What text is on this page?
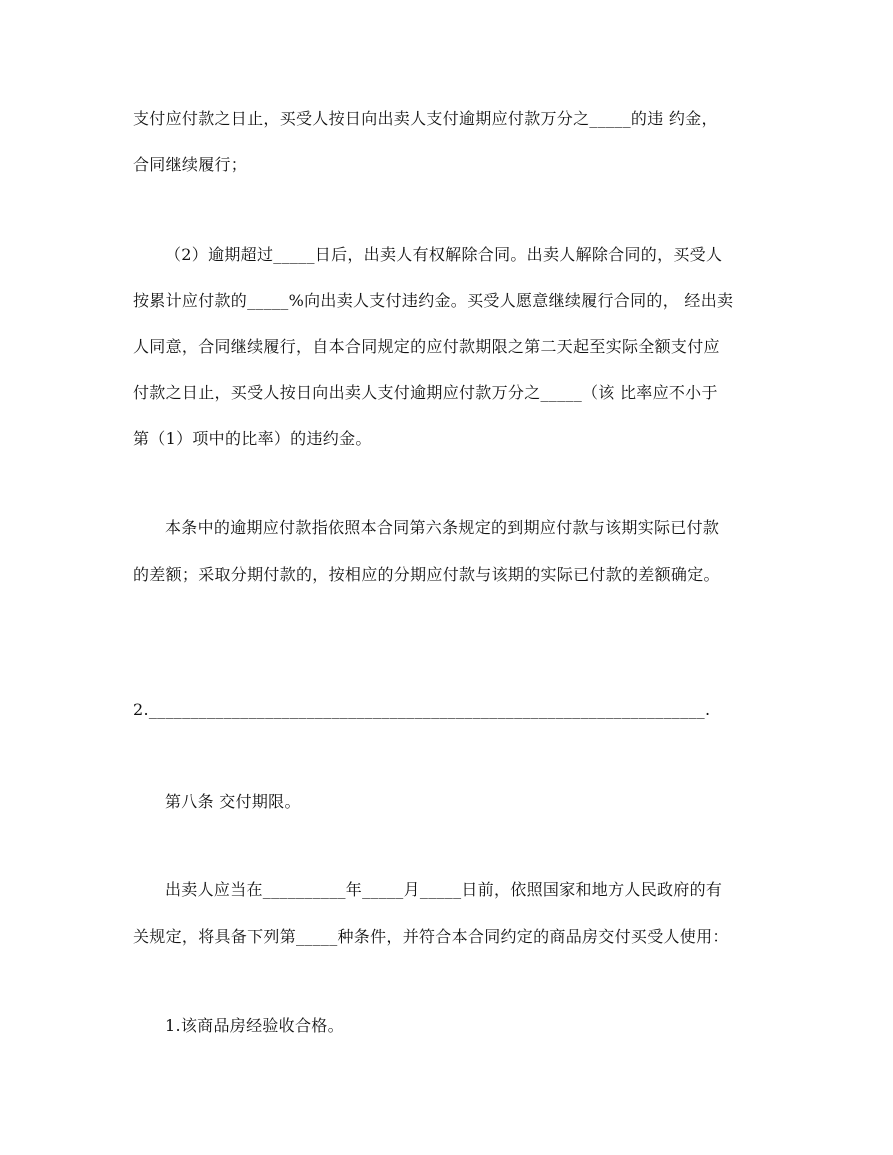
支付应付款之日止，买受人按日向出卖人支付逾期应付款万分之_____的违 约金，
合同继续履行；
（2）逾期超过_____日后，出卖人有权解除合同。出卖人解除合同的，买受人
按累计应付款的_____%向出卖人支付违约金。买受人愿意继续履行合同的， 经出卖
人同意，合同继续履行，自本合同规定的应付款期限之第二天起至实际全额支付应
付款之日止，买受人按日向出卖人支付逾期应付款万分之_____（该 比率应不小于
第（1）项中的比率）的违约金。
本条中的逾期应付款指依照本合同第六条规定的到期应付款与该期实际已付款
的差额；采取分期付款的，按相应的分期应付款与该期的实际已付款的差额确定。
2.___________________________________________________________________.
第八条 交付期限。
出卖人应当在__________年_____月_____日前，依照国家和地方人民政府的有
关规定，将具备下列第_____种条件，并符合本合同约定的商品房交付买受人使用：
1.该商品房经验收合格。
